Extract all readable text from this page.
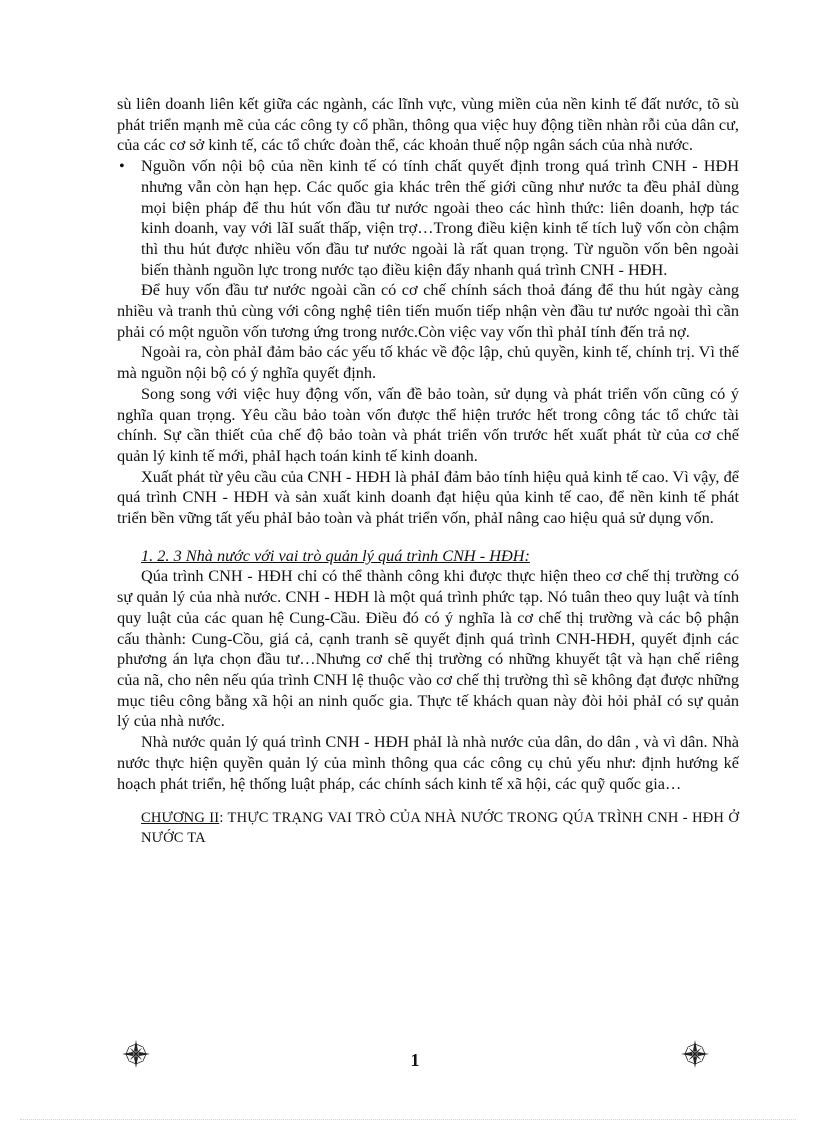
sù liên doanh liên kết giữa các ngành, các lĩnh vực, vùng miền của nền kinh tế đất nước, tõ sù phát triển mạnh mẽ của các công ty cổ phần, thông qua việc huy động tiền nhàn rỗi của dân cư, của các cơ sở kinh tế, các tổ chức đoàn thể, các khoản thuế nộp ngân sách của nhà nước.

• Nguồn vốn nội bộ của nền kinh tế có tính chất quyết định trong quá trình CNH - HĐH nhưng vẫn còn hạn hẹp. Các quốc gia khác trên thế giới cũng như nước ta đều phảI dùng mọi biện pháp để thu hút vốn đầu tư nước ngoài theo các hình thức: liên doanh, hợp tác kinh doanh, vay với lãI suất thấp, viện trợ…Trong điều kiện kinh tế tích luỹ vốn còn chậm thì thu hút được nhiều vốn đầu tư nước ngoài là rất quan trọng. Từ nguồn vốn bên ngoài biến thành nguồn lực trong nước tạo điều kiện đẩy nhanh quá trình CNH - HĐH.

Để huy vốn đầu tư nước ngoài cần có cơ chế chính sách thoả đáng để thu hút ngày càng nhiều và tranh thủ cùng với công nghệ tiên tiến muốn tiếp nhận vèn đầu tư nước ngoài thì cần phải có một nguồn vốn tương ứng trong nước.Còn việc vay vốn thì phảI tính đến trả nợ.

Ngoài ra, còn phảI đảm bảo các yếu tố khác về độc lập, chủ quyền, kinh tế, chính trị. Vì thế mà nguồn nội bộ có ý nghĩa quyết định.

Song song với việc huy động vốn, vấn đề bảo toàn, sử dụng và phát triển vốn cũng có ý nghĩa quan trọng. Yêu cầu bảo toàn vốn được thể hiện trước hết trong công tác tổ chức tài chính. Sự cần thiết của chế độ bảo toàn và phát triển vốn trước hết xuất phát từ của cơ chế quản lý kinh tế mới, phảI hạch toán kinh tế kinh doanh.

Xuất phát từ yêu cầu của CNH - HĐH là phảI đảm bảo tính hiệu quả kinh tế cao. Vì vậy, để quá trình CNH - HĐH và sản xuất kinh doanh đạt hiệu qủa kinh tế cao, để nền kinh tế phát triển bền vững tất yếu phảI bảo toàn và phát triển vốn, phảI nâng cao hiệu quả sử dụng vốn.

1. 2. 3 Nhà nước với vai trò quản lý quá trình CNH - HĐH:

Qúa trình CNH - HĐH chỉ có thể thành công khi được thực hiện theo cơ chế thị trường có sự quản lý của nhà nước. CNH - HĐH là một quá trình phức tạp. Nó tuân theo quy luật và tính quy luật của các quan hệ Cung-Cầu. Điều đó có ý nghĩa là cơ chế thị trường và các bộ phận cấu thành: Cung-Cồu, giá cả, cạnh tranh sẽ quyết định quá trình CNH-HĐH, quyết định các phương án lựa chọn đầu tư…Nhưng cơ chế thị trường có những khuyết tật và hạn chế riêng của nã, cho nên nếu qúa trình CNH lệ thuộc vào cơ chế thị trường thì sẽ không đạt được những mục tiêu công bằng xã hội an ninh quốc gia. Thực tế khách quan này đòi hỏi phảI có sự quản lý của nhà nước.

Nhà nước quản lý quá trình CNH - HĐH phảI là nhà nước của dân, do dân , và vì dân. Nhà nước thực hiện quyền quản lý của mình thông qua các công cụ chủ yếu như: định hướng kế hoạch phát triển, hệ thống luật pháp, các chính sách kinh tế xã hội, các quỹ quốc gia…

CHƯƠNG II: THỰC TRẠNG VAI TRÒ CỦA NHÀ NƯỚC TRONG QÚA TRÌNH CNH - HĐH Ở NƯỚC TA

1
